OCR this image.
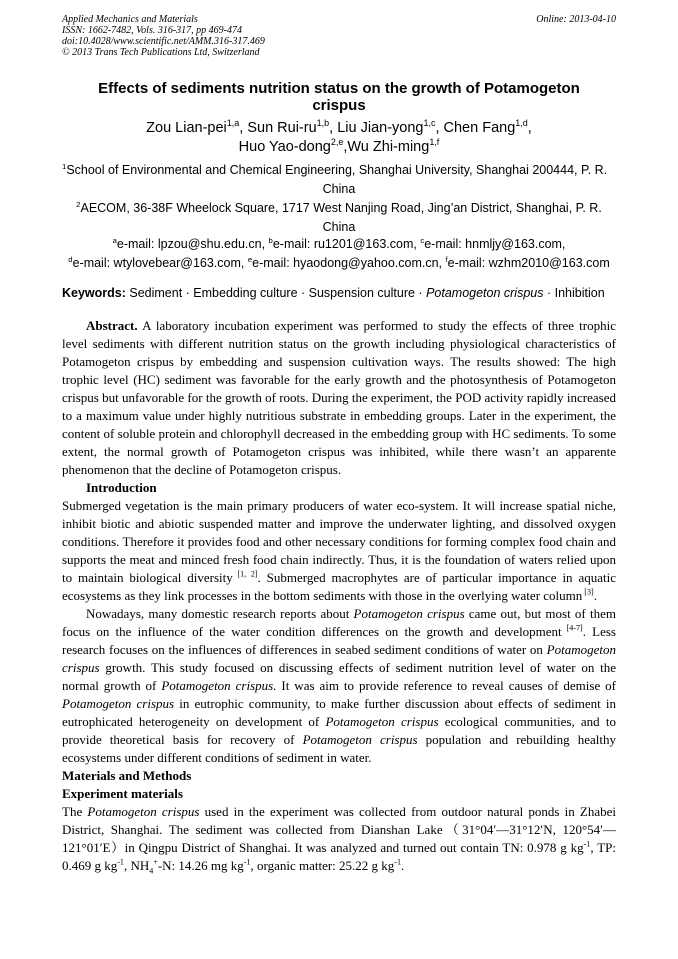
Applied Mechanics and Materials
ISSN: 1662-7482, Vols. 316-317, pp 469-474
doi:10.4028/www.scientific.net/AMM.316-317.469
© 2013 Trans Tech Publications Ltd, Switzerland
Online: 2013-04-10
Effects of sediments nutrition status on the growth of Potamogeton
crispus
Zou Lian-pei$^{1,a}$, Sun Rui-ru$^{1,b}$, Liu Jian-yong$^{1,c}$, Chen Fang$^{1,d}$,
Huo Yao-dong$^{2,e}$,Wu Zhi-ming$^{1,f}$
$^1$School of Environmental and Chemical Engineering, Shanghai University, Shanghai 200444, P. R.
China
$^2$AECOM, 36-38F Wheelock Square, 1717 West Nanjing Road, Jing’an District, Shanghai, P. R.
China
$^a$e-mail: lpzou@shu.edu.cn, $^b$e-mail: ru1201@163.com, $^c$e-mail: hnmljy@163.com,
$^d$e-mail: wtylovebear@163.com, $^e$e-mail: hyaodong@yahoo.com.cn, $^f$e-mail: wzhm2010@163.com
Keywords: Sediment · Embedding culture · Suspension culture · Potamogeton crispus · Inhibition

Abstract. A laboratory incubation experiment was performed to study the effects of three trophic level sediments with different nutrition status on the growth including physiological characteristics of Potamogeton crispus by embedding and suspension cultivation ways. The results showed: The high trophic level (HC) sediment was favorable for the early growth and the photosynthesis of Potamogeton crispus but unfavorable for the growth of roots. During the experiment, the POD activity rapidly increased to a maximum value under highly nutritious substrate in embedding groups. Later in the experiment, the content of soluble protein and chlorophyll decreased in the embedding group with HC sediments. To some extent, the normal growth of Potamogeton crispus was inhibited, while there wasn’t an apparente phenomenon that the decline of Potamogeton crispus.

Introduction

Submerged vegetation is the main primary producers of water eco-system. It will increase spatial niche, inhibit biotic and abiotic suspended matter and improve the underwater lighting, and dissolved oxygen conditions. Therefore it provides food and other necessary conditions for forming complex food chain and supports the meat and minced fresh food chain indirectly. Thus, it is the foundation of waters relied upon to maintain biological diversity [1, 2]. Submerged macrophytes are of particular importance in aquatic ecosystems as they link processes in the bottom sediments with those in the overlying water column [3].

Nowadays, many domestic research reports about Potamogeton crispus came out, but most of them focus on the influence of the water condition differences on the growth and development [4-7]. Less research focuses on the influences of differences in seabed sediment conditions of water on Potamogeton crispus growth. This study focused on discussing effects of sediment nutrition level of water on the normal growth of Potamogeton crispus. It was aim to provide reference to reveal causes of demise of Potamogeton crispus in eutrophic community, to make further discussion about effects of sediment in eutrophicated heterogeneity on development of Potamogeton crispus ecological communities, and to provide theoretical basis for recovery of Potamogeton crispus population and rebuilding healthy ecosystems under different conditions of sediment in water.

Materials and Methods

Experiment materials

The Potamogeton crispus used in the experiment was collected from outdoor natural ponds in Zhabei District, Shanghai. The sediment was collected from Dianshan Lake（31°04′—31°12′N, 120°54′—121°01′E）in Qingpu District of Shanghai. It was analyzed and turned out contain TN: 0.978 g $kg^{-1}$, TP: 0.469 g $kg^{-1}$, $NH_4^+-N$: 14.26 mg $kg^{-1}$, organic matter: 25.22 g $kg^{-1}$.
